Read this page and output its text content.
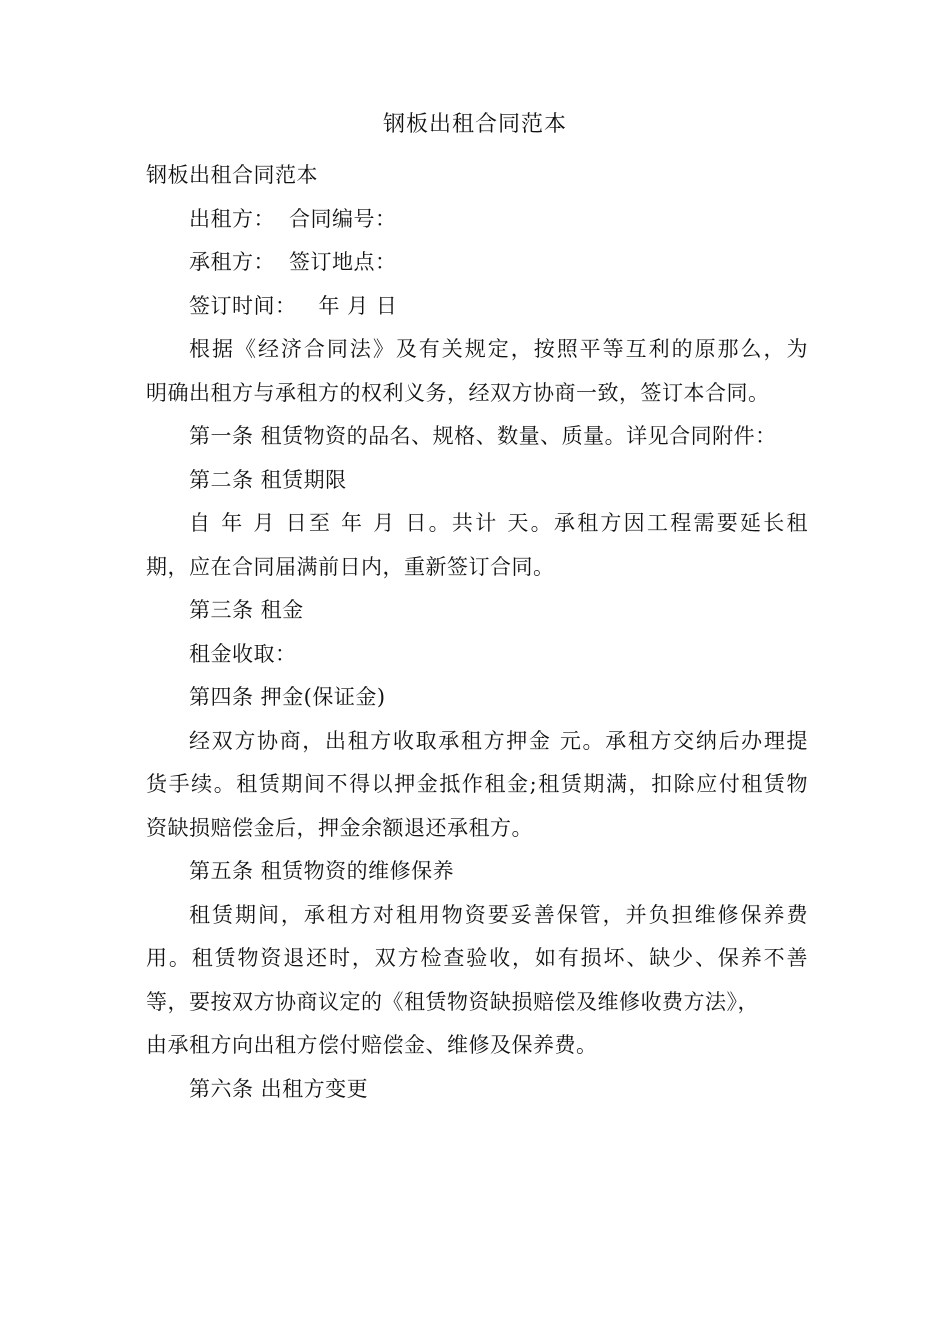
钢板出租合同范本
钢板出租合同范本
出租方： 合同编号：
承租方： 签订地点：
签订时间： 年 月 日
根据《经济合同法》及有关规定，按照平等互利的原那么，为
明确出租方与承租方的权利义务，经双方协商一致，签订本合同。
第一条 租赁物资的品名、规格、数量、质量。详见合同附件：
第二条 租赁期限
自 年 月 日至 年 月 日。共计 天。承租方因工程需要延长租
期，应在合同届满前日内，重新签订合同。
第三条 租金
租金收取：
第四条 押金(保证金)
经双方协商，出租方收取承租方押金 元。承租方交纳后办理提
货手续。租赁期间不得以押金抵作租金;租赁期满，扣除应付租赁物
资缺损赔偿金后，押金余额退还承租方。
第五条 租赁物资的维修保养
租赁期间，承租方对租用物资要妥善保管，并负担维修保养费
用。租赁物资退还时，双方检查验收，如有损坏、缺少、保养不善
等，要按双方协商议定的《租赁物资缺损赔偿及维修收费方法》，
由承租方向出租方偿付赔偿金、维修及保养费。
第六条 出租方变更
